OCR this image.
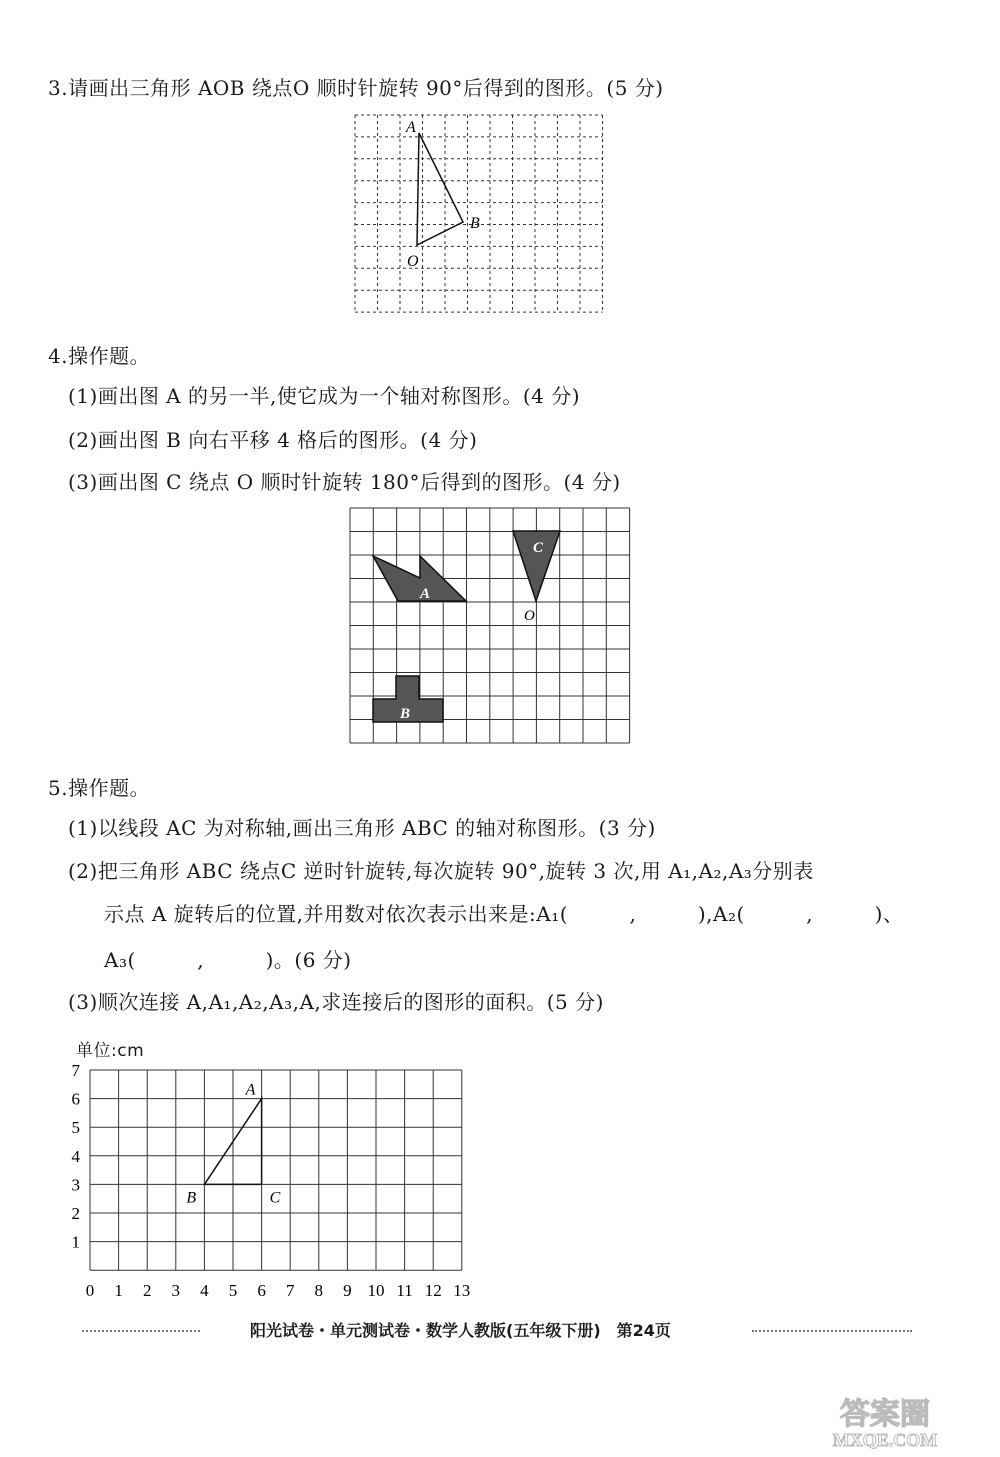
3.请画出三角形 AOB 绕点O 顺时针旋转 90°后得到的图形。(5 分)
A
B
O
4.操作题。
(1)画出图 A 的另一半,使它成为一个轴对称图形。(4 分)
(2)画出图 B 向右平移 4 格后的图形。(4 分)
(3)画出图 C 绕点 O 顺时针旋转 180°后得到的图形。(4 分)
A
C
O
B
5.操作题。
(1)以线段 AC 为对称轴,画出三角形 ABC 的轴对称图形。(3 分)
(2)把三角形 ABC 绕点C 逆时针旋转,每次旋转 90°,旋转 3 次,用 A₁,A₂,A₃分别表
示点 A 旋转后的位置,并用数对依次表示出来是:A₁(　　　,　　　),A₂(　　　,　　　)、
A₃(　　　,　　　)。(6 分)
(3)顺次连接 A,A₁,A₂,A₃,A,求连接后的图形的面积。(5 分)
单位:cm
0 1 2 3 4 5 6 7 8 9 10 11 12 13
1
2
3
4
5
6
7
A
B	C
阳光试卷・单元测试卷・数学人教版(五年级下册)　第24页
答案圈
MXQE.COM
